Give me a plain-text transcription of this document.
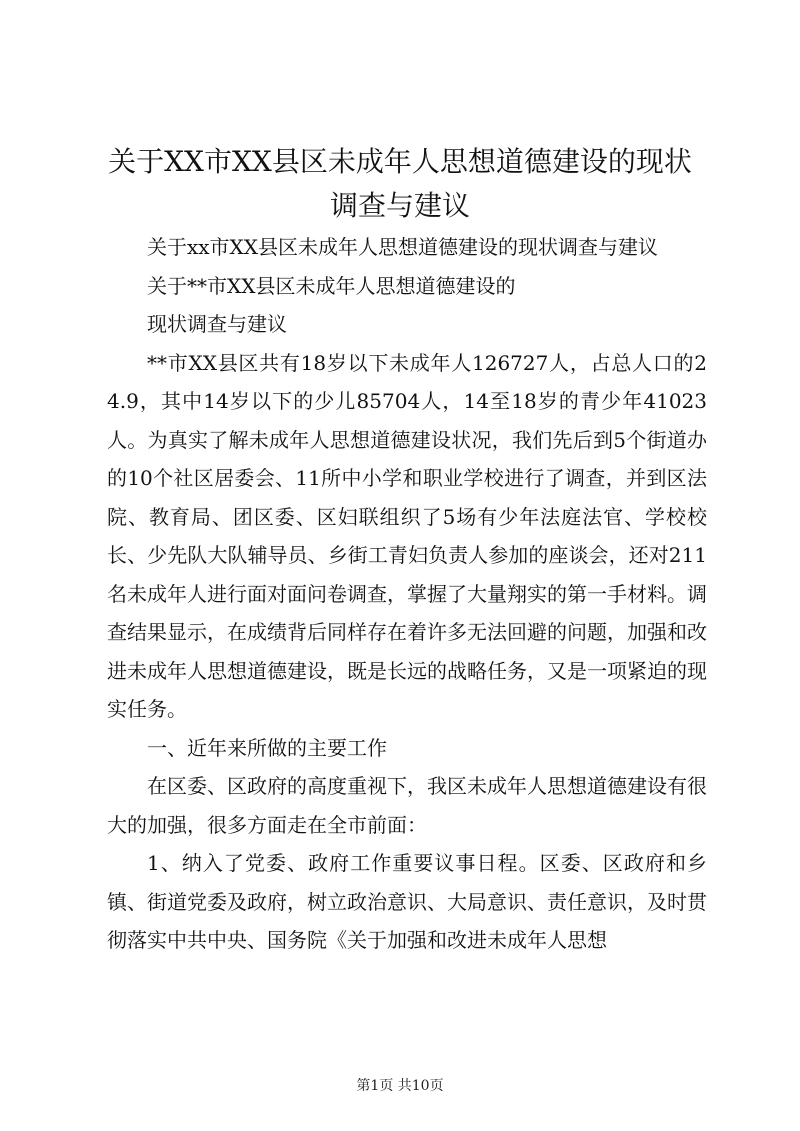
关于XX市XX县区未成年人思想道德建设的现状调查与建议

关于xx市XX县区未成年人思想道德建设的现状调查与建议

关于**市XX县区未成年人思想道德建设的

现状调查与建议

**市XX县区共有18岁以下未成年人126727人，占总人口的24.9，其中14岁以下的少儿85704人，14至18岁的青少年41023人。为真实了解未成年人思想道德建设状况，我们先后到5个街道办的10个社区居委会、11所中小学和职业学校进行了调查，并到区法院、教育局、团区委、区妇联组织了5场有少年法庭法官、学校校长、少先队大队辅导员、乡街工青妇负责人参加的座谈会，还对211名未成年人进行面对面问卷调查，掌握了大量翔实的第一手材料。调查结果显示，在成绩背后同样存在着许多无法回避的问题，加强和改进未成年人思想道德建设，既是长远的战略任务，又是一项紧迫的现实任务。

一、近年来所做的主要工作

在区委、区政府的高度重视下，我区未成年人思想道德建设有很大的加强，很多方面走在全市前面：

1、纳入了党委、政府工作重要议事日程。区委、区政府和乡镇、街道党委及政府，树立政治意识、大局意识、责任意识，及时贯彻落实中共中央、国务院《关于加强和改进未成年人思想

第1页 共10页
